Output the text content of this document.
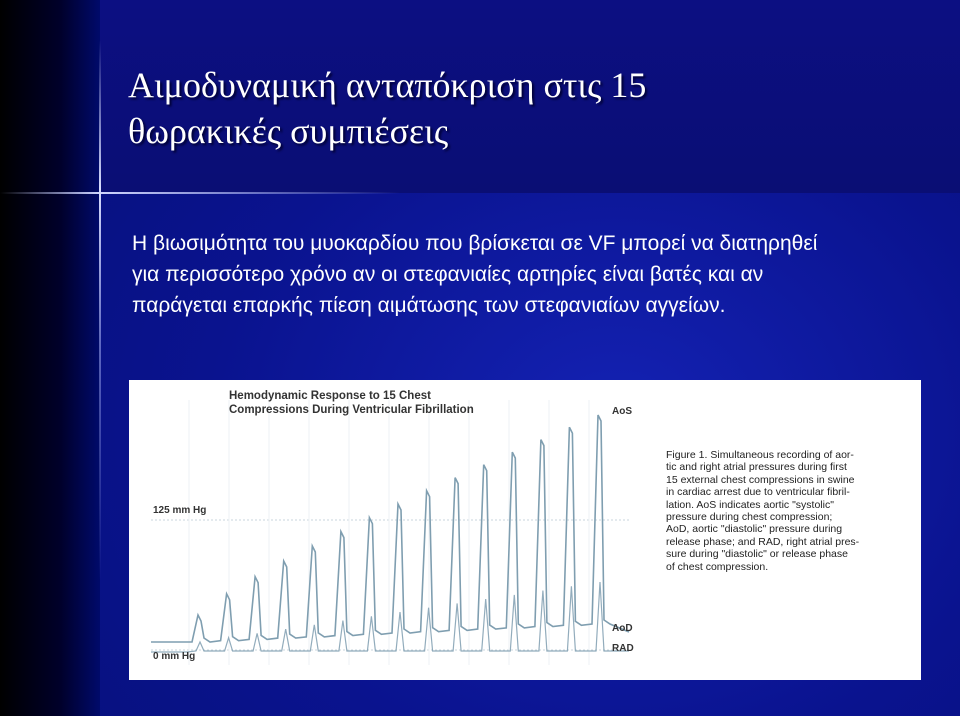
Αιμοδυναμική ανταπόκριση στις 15
θωρακικές συμπιέσεις
Η βιωσιμότητα του μυοκαρδίου που βρίσκεται σε VF μπορεί να διατηρηθεί
για περισσότερο χρόνο αν οι στεφανιαίες αρτηρίες είναι βατές και αν
παράγεται επαρκής πίεση αιμάτωσης των στεφανιαίων αγγείων.
Hemodynamic Response to 15 Chest
Compressions During Ventricular Fibrillation
125 mm Hg
0 mm Hg
AoS
AoD
RAD
Figure 1. Simultaneous recording of aor-
tic and right atrial pressures during first
15 external chest compressions in swine
in cardiac arrest due to ventricular fibril-
lation. AoS indicates aortic "systolic"
pressure during chest compression;
AoD, aortic "diastolic" pressure during
release phase; and RAD, right atrial pres-
sure during "diastolic" or release phase
of chest compression.
